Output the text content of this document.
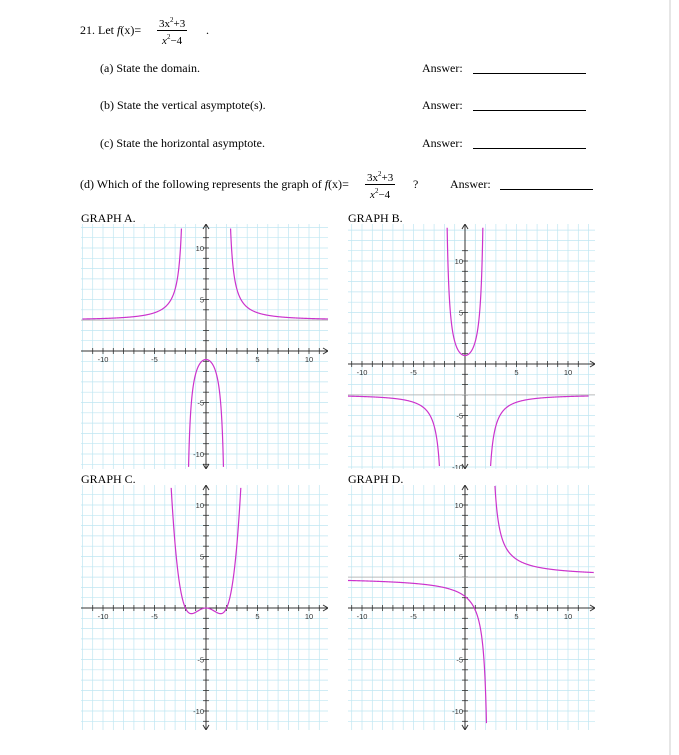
21. Let $f(x)= \frac{3x^2+3}{x^2-4}$ .
(a) State the domain.	Answer:
(b) State the vertical asymptote(s).	Answer:
(c) State the horizontal asymptote.	Answer:
(d) Which of the following represents the graph of $f(x)= \frac{3x^2+3}{x^2-4}$ ?	Answer:
GRAPH A.	GRAPH B.
GRAPH C.	GRAPH D.
-10	-5	5	10
10
5
-5
-10
-10	-5	5	10
10
5
-5
-10
-10	-5	5	10
10
5
-5
-10
-10	-5	5	10
10
5
-5
-10
